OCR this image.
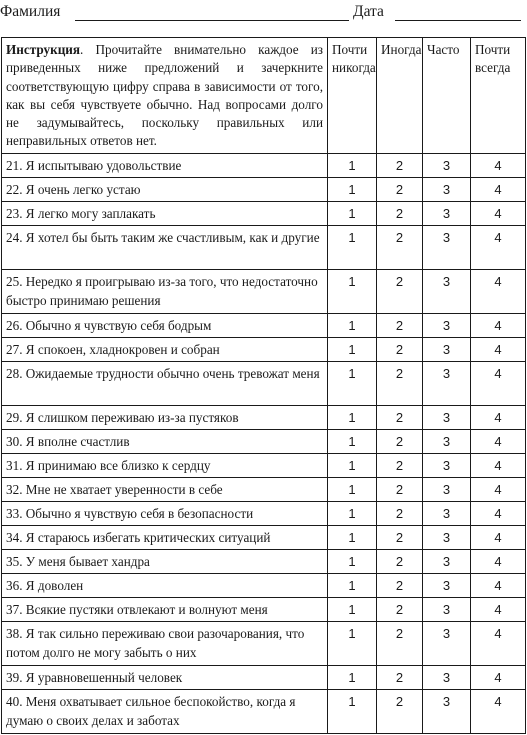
Фамилия	Дата
Инструкция. Прочитайте внимательно каждое из приведенных ниже предложений и зачеркните соответствующую цифру справа в зависимости от того, как вы себя чувствуете обычно. Над вопросами долго не задумывайтесь, поскольку правильных или неправильных ответов нет.	Почти никогда	Иногда	Часто	Почти всегда
21. Я испытываю удовольствие	1	2	3	4
22. Я очень легко устаю	1	2	3	4
23. Я легко могу заплакать	1	2	3	4
24. Я хотел бы быть таким же счастливым, как и другие	1	2	3	4
25. Нередко я проигрываю из-за того, что недостаточно быстро принимаю решения	1	2	3	4
26. Обычно я чувствую себя бодрым	1	2	3	4
27. Я спокоен, хладнокровен и собран	1	2	3	4
28. Ожидаемые трудности обычно очень тревожат меня	1	2	3	4
29. Я слишком переживаю из-за пустяков	1	2	3	4
30. Я вполне счастлив	1	2	3	4
31. Я принимаю все близко к сердцу	1	2	3	4
32. Мне не хватает уверенности в себе	1	2	3	4
33. Обычно я чувствую себя в безопасности	1	2	3	4
34. Я стараюсь избегать критических ситуаций	1	2	3	4
35. У меня бывает хандра	1	2	3	4
36. Я доволен	1	2	3	4
37. Всякие пустяки отвлекают и волнуют меня	1	2	3	4
38. Я так сильно переживаю свои разочарования, что потом долго не могу забыть о них	1	2	3	4
39. Я уравновешенный человек	1	2	3	4
40. Меня охватывает сильное беспокойство, когда я думаю о своих делах и заботах	1	2	3	4
